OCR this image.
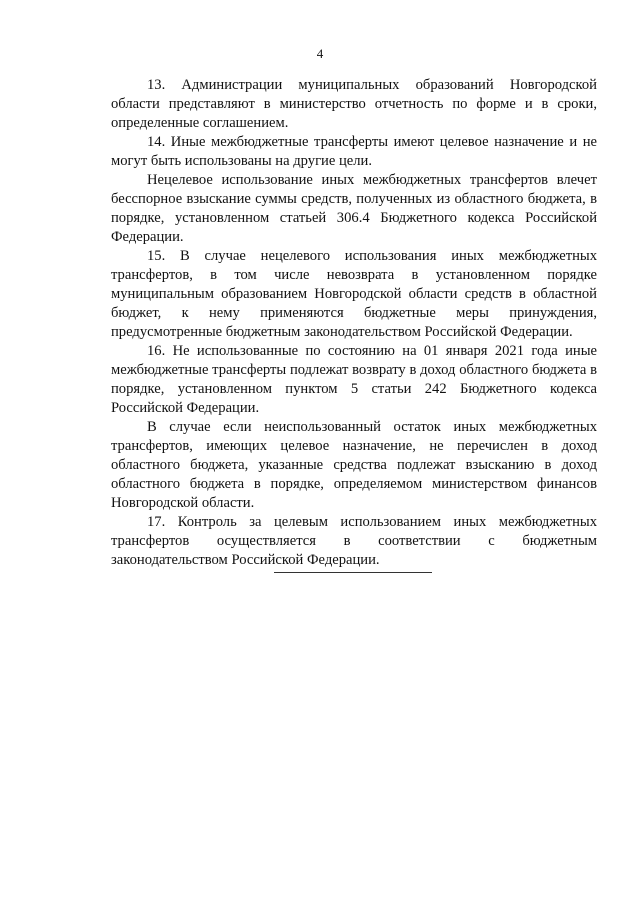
4

13. Администрации муниципальных образований Новгородской области представляют в министерство отчетность по форме и в сроки, определенные соглашением.

14. Иные межбюджетные трансферты имеют целевое назначение и не могут быть использованы на другие цели.

Нецелевое использование иных межбюджетных трансфертов влечет бесспорное взыскание суммы средств, полученных из областного бюджета, в порядке, установленном статьей 306.4 Бюджетного кодекса Российской Федерации.

15. В случае нецелевого использования иных межбюджетных трансфертов, в том числе невозврата в установленном порядке муниципальным образованием Новгородской области средств в областной бюджет, к нему применяются бюджетные меры принуждения, предусмотренные бюджетным законодательством Российской Федерации.

16. Не использованные по состоянию на 01 января 2021 года иные межбюджетные трансферты подлежат возврату в доход областного бюджета в порядке, установленном пунктом 5 статьи 242 Бюджетного кодекса Российской Федерации.

В случае если неиспользованный остаток иных межбюджетных трансфертов, имеющих целевое назначение, не перечислен в доход областного бюджета, указанные средства подлежат взысканию в доход областного бюджета в порядке, определяемом министерством финансов Новгородской области.

17. Контроль за целевым использованием иных межбюджетных трансфертов осуществляется в соответствии с бюджетным законодательством Российской Федерации.
